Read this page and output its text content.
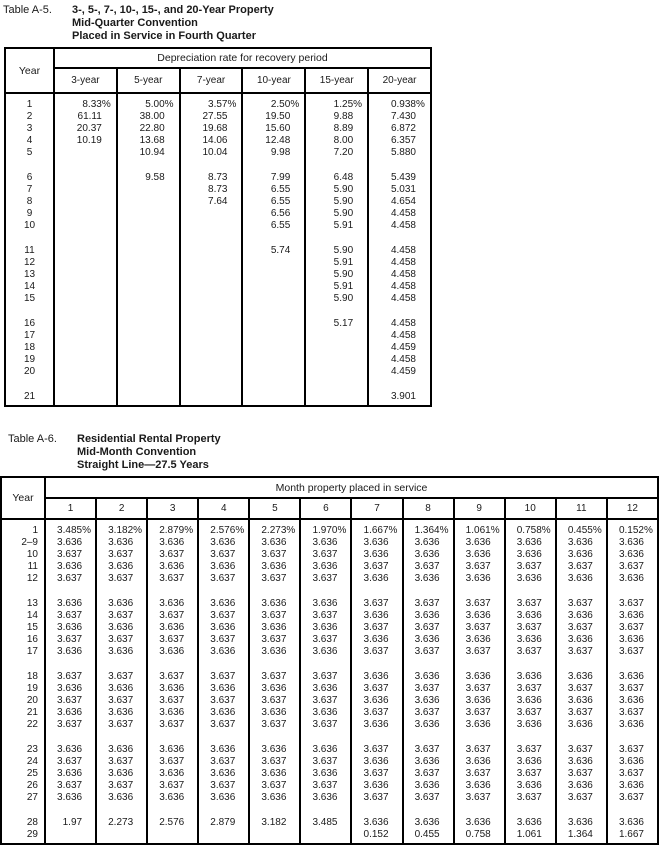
Table A-5.	3-, 5-, 7-, 10-, 15-, and 20-Year Property
Mid-Quarter Convention
Placed in Service in Fourth Quarter
Year	Depreciation rate for recovery period					
	3-year	5-year	7-year	10-year	15-year	20-year
1	8.33%	5.00%	3.57%	2.50%	1.25%	0.938%
2	61.11	38.00	27.55	19.50	9.88	7.430
3	20.37	22.80	19.68	15.60	8.89	6.872
4	10.19	13.68	14.06	12.48	8.00	6.357
5		10.94	10.04	9.98	7.20	5.880

6		9.58	8.73	7.99	6.48	5.439
7			8.73	6.55	5.90	5.031
8			7.64	6.55	5.90	4.654
9				6.56	5.90	4.458
10				6.55	5.91	4.458

11				5.74	5.90	4.458
12					5.91	4.458
13					5.90	4.458
14					5.91	4.458
15					5.90	4.458

16					5.17	4.458
17						4.458
18						4.459
19						4.458
20						4.459

21						3.901
Table A-6.	Residential Rental Property
Mid-Month Convention
Straight Line—27.5 Years
Year	Month property placed in service											
	1	2	3	4	5	6	7	8	9	10	11	12
1	3.485%	3.182%	2.879%	2.576%	2.273%	1.970%	1.667%	1.364%	1.061%	0.758%	0.455%	0.152%
2–9	3.636	3.636	3.636	3.636	3.636	3.636	3.636	3.636	3.636	3.636	3.636	3.636
10	3.637	3.637	3.637	3.637	3.637	3.637	3.636	3.636	3.636	3.636	3.636	3.636
11	3.636	3.636	3.636	3.636	3.636	3.636	3.637	3.637	3.637	3.637	3.637	3.637
12	3.637	3.637	3.637	3.637	3.637	3.637	3.636	3.636	3.636	3.636	3.636	3.636

13	3.636	3.636	3.636	3.636	3.636	3.636	3.637	3.637	3.637	3.637	3.637	3.637
14	3.637	3.637	3.637	3.637	3.637	3.637	3.636	3.636	3.636	3.636	3.636	3.636
15	3.636	3.636	3.636	3.636	3.636	3.636	3.637	3.637	3.637	3.637	3.637	3.637
16	3.637	3.637	3.637	3.637	3.637	3.637	3.636	3.636	3.636	3.636	3.636	3.636
17	3.636	3.636	3.636	3.636	3.636	3.636	3.637	3.637	3.637	3.637	3.637	3.637

18	3.637	3.637	3.637	3.637	3.637	3.637	3.636	3.636	3.636	3.636	3.636	3.636
19	3.636	3.636	3.636	3.636	3.636	3.636	3.637	3.637	3.637	3.637	3.637	3.637
20	3.637	3.637	3.637	3.637	3.637	3.637	3.636	3.636	3.636	3.636	3.636	3.636
21	3.636	3.636	3.636	3.636	3.636	3.636	3.637	3.637	3.637	3.637	3.637	3.637
22	3.637	3.637	3.637	3.637	3.637	3.637	3.636	3.636	3.636	3.636	3.636	3.636

23	3.636	3.636	3.636	3.636	3.636	3.636	3.637	3.637	3.637	3.637	3.637	3.637
24	3.637	3.637	3.637	3.637	3.637	3.637	3.636	3.636	3.636	3.636	3.636	3.636
25	3.636	3.636	3.636	3.636	3.636	3.636	3.637	3.637	3.637	3.637	3.637	3.637
26	3.637	3.637	3.637	3.637	3.637	3.637	3.636	3.636	3.636	3.636	3.636	3.636
27	3.636	3.636	3.636	3.636	3.636	3.636	3.637	3.637	3.637	3.637	3.637	3.637

28	1.97	2.273	2.576	2.879	3.182	3.485	3.636	3.636	3.636	3.636	3.636	3.636
29							0.152	0.455	0.758	1.061	1.364	1.667
